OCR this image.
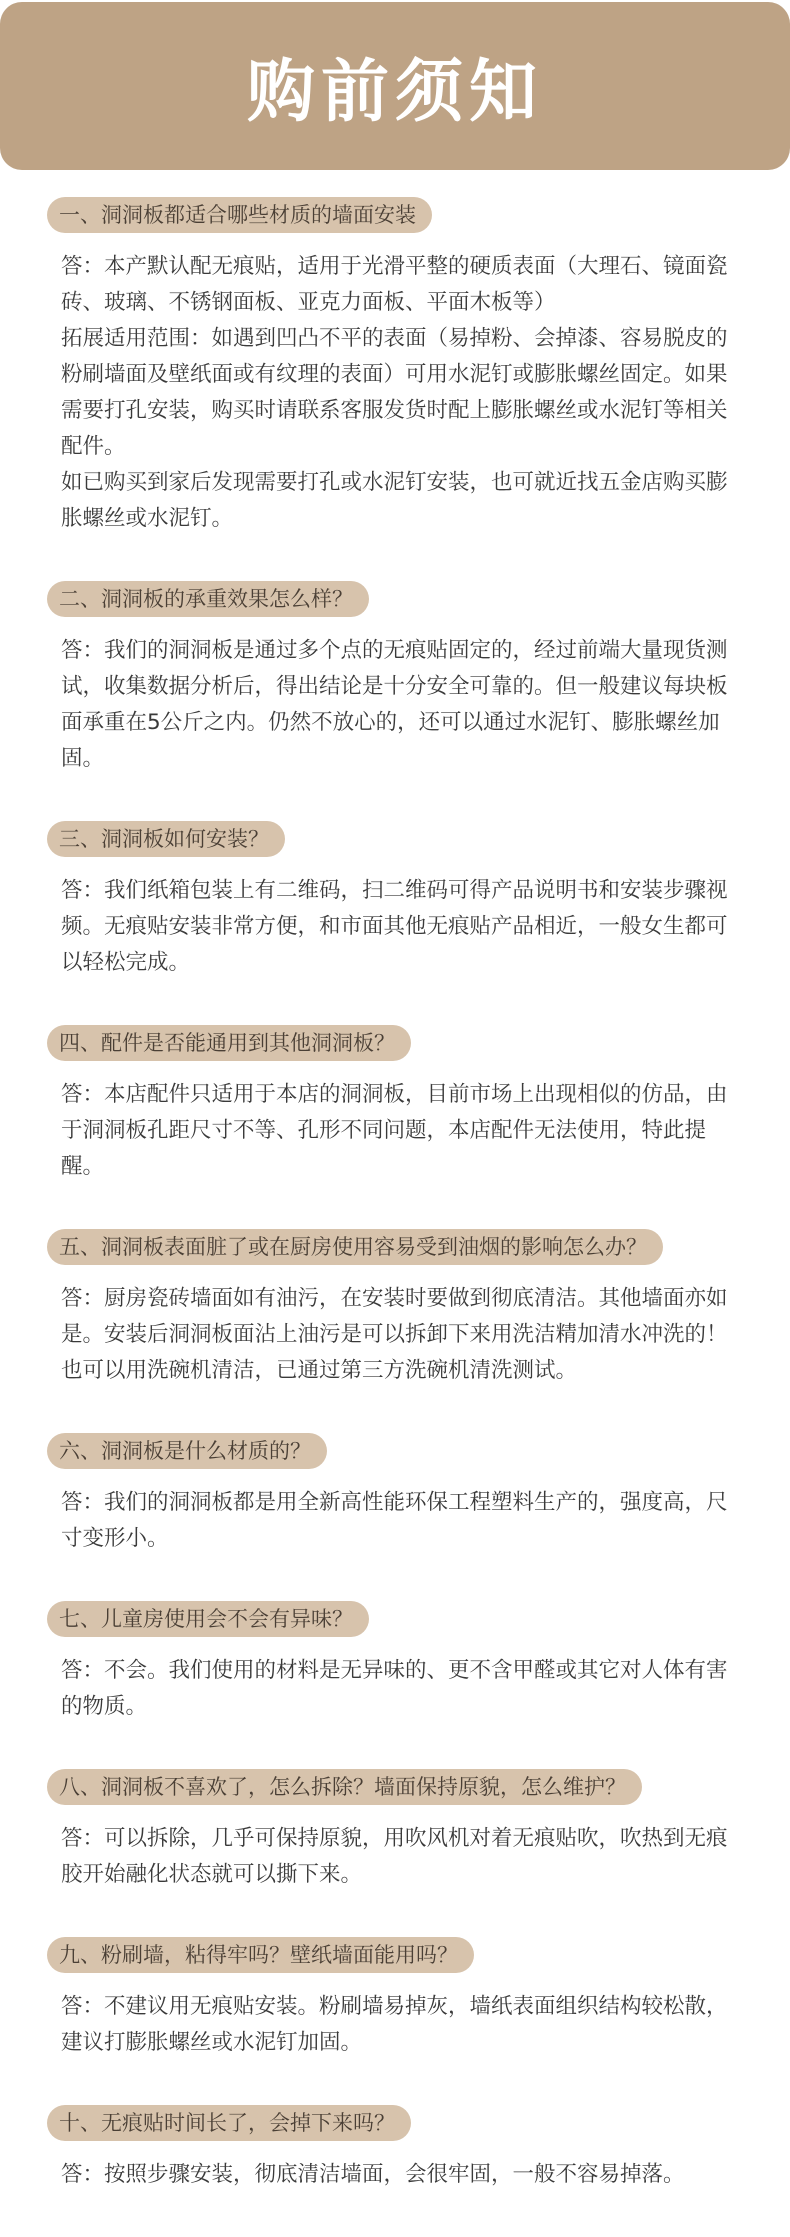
购前须知
一、洞洞板都适合哪些材质的墙面安装

答：本产默认配无痕贴，适用于光滑平整的硬质表面（大理石、镜面瓷砖、玻璃、不锈钢面板、亚克力面板、平面木板等）

拓展适用范围：如遇到凹凸不平的表面（易掉粉、会掉漆、容易脱皮的粉刷墙面及壁纸面或有纹理的表面）可用水泥钉或膨胀螺丝固定。如果需要打孔安装，购买时请联系客服发货时配上膨胀螺丝或水泥钉等相关配件。

如已购买到家后发现需要打孔或水泥钉安装，也可就近找五金店购买膨胀螺丝或水泥钉。

二、洞洞板的承重效果怎么样？

答：我们的洞洞板是通过多个点的无痕贴固定的，经过前端大量现货测试，收集数据分析后，得出结论是十分安全可靠的。但一般建议每块板面承重在5公斤之内。仍然不放心的，还可以通过水泥钉、膨胀螺丝加固。

三、洞洞板如何安装？

答：我们纸箱包装上有二维码，扫二维码可得产品说明书和安装步骤视频。无痕贴安装非常方便，和市面其他无痕贴产品相近，一般女生都可以轻松完成。

四、配件是否能通用到其他洞洞板？

答：本店配件只适用于本店的洞洞板，目前市场上出现相似的仿品，由于洞洞板孔距尺寸不等、孔形不同问题，本店配件无法使用，特此提醒。

五、洞洞板表面脏了或在厨房使用容易受到油烟的影响怎么办？

答：厨房瓷砖墙面如有油污，在安装时要做到彻底清洁。其他墙面亦如是。安装后洞洞板面沾上油污是可以拆卸下来用洗洁精加清水冲洗的！也可以用洗碗机清洁，已通过第三方洗碗机清洗测试。

六、洞洞板是什么材质的？

答：我们的洞洞板都是用全新高性能环保工程塑料生产的，强度高，尺寸变形小。

七、儿童房使用会不会有异味？

答：不会。我们使用的材料是无异味的、更不含甲醛或其它对人体有害的物质。

八、洞洞板不喜欢了，怎么拆除？墙面保持原貌，怎么维护？

答：可以拆除，几乎可保持原貌，用吹风机对着无痕贴吹，吹热到无痕胶开始融化状态就可以撕下来。

九、粉刷墙，粘得牢吗？壁纸墙面能用吗？

答：不建议用无痕贴安装。粉刷墙易掉灰，墙纸表面组织结构较松散，建议打膨胀螺丝或水泥钉加固。

十、无痕贴时间长了，会掉下来吗？

答：按照步骤安装，彻底清洁墙面，会很牢固，一般不容易掉落。
